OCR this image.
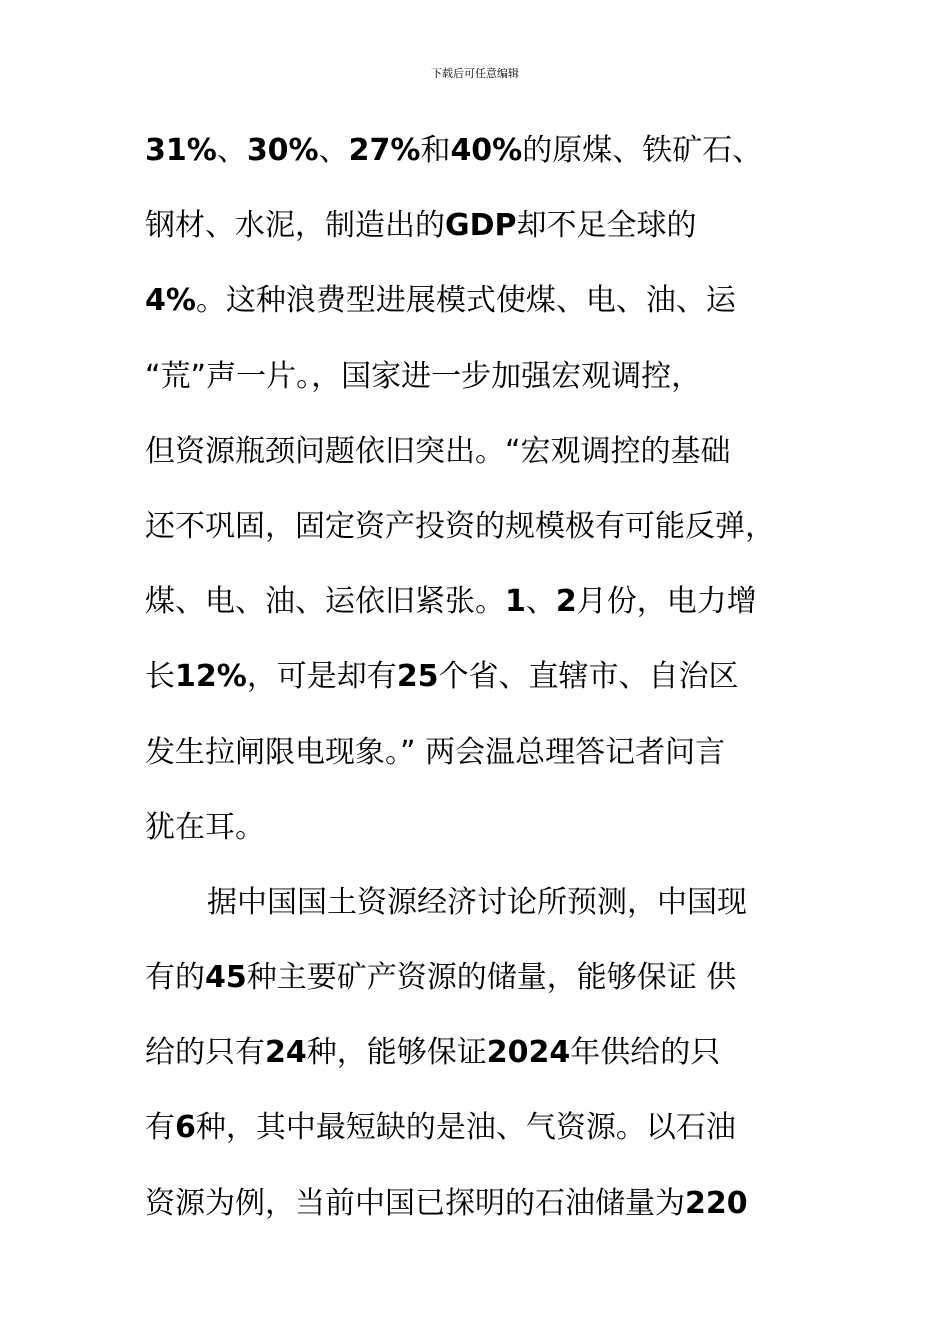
下载后可任意编辑
31%、30%、27%和40%的原煤、铁矿石、
钢材、水泥，制造出的GDP却不足全球的
4%。这种浪费型进展模式使煤、电、油、运
“荒”声一片。，国家进一步加强宏观调控，
但资源瓶颈问题依旧突出。“宏观调控的基础
还不巩固，固定资产投资的规模极有可能反弹，
煤、电、油、运依旧紧张。1、2月份，电力增
长12%，可是却有25个省、直辖市、自治区
发生拉闸限电现象。” 两会温总理答记者问言
犹在耳。
据中国国土资源经济讨论所预测，中国现
有的45种主要矿产资源的储量，能够保证 供
给的只有24种，能够保证2024年供给的只
有6种，其中最短缺的是油、气资源。以石油
资源为例，当前中国已探明的石油储量为220
